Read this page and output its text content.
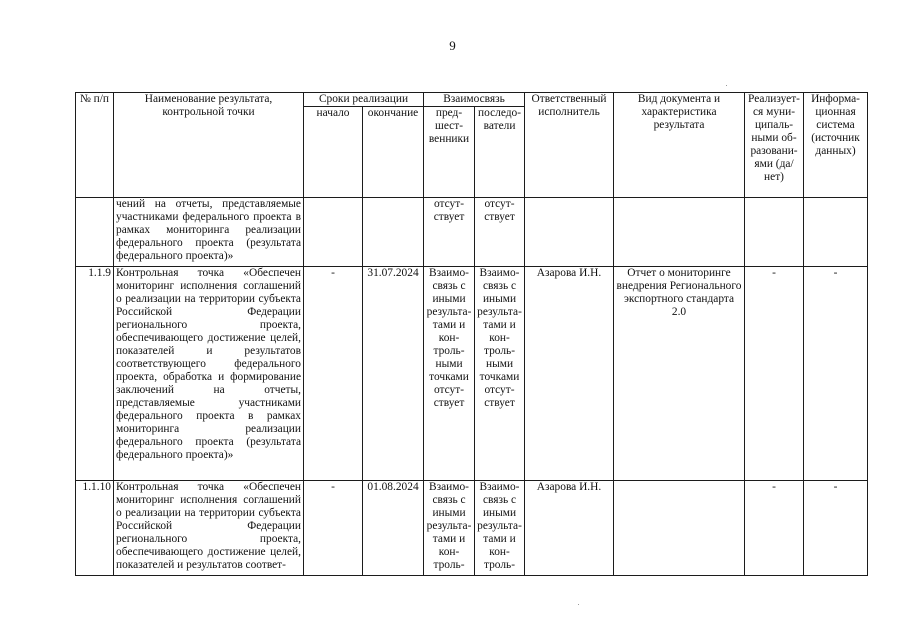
9
№ п/п	Наименование результата, контрольной точки	Сроки реализации		Взаимосвязь		Ответственный исполнитель	Вид документа и характеристика результата	Реализует-ся муни-ципаль-ными об-разовани-ями (да/нет)	Информа-ционная система (источник данных)
		начало	окончание	пред-шест-венники	последо-ватели				
	чений на отчеты, представляемые участниками федерального проекта в рамках мониторинга реализации федерального проекта (результата федерального проекта)»			отсут-ствует	отсут-ствует				
1.1.9	Контрольная точка «Обеспечен мониторинг исполнения соглашений о реализации на территории субъекта Российской Федерации регионального проекта, обеспечивающего достижение целей, показателей и результатов соответствующего федерального проекта, обработка и формирование заключений на отчеты, представляемые участниками федерального проекта в рамках мониторинга реализации федерального проекта (результата федерального проекта)»	-	31.07.2024	Взаимо-связь с иными результа-тами и кон-троль-ными точками отсут-ствует	Взаимо-связь с иными результа-тами и кон-троль-ными точками отсут-ствует	Азарова И.Н.	Отчет о мониторинге внедрения Регионального экспортного стандарта 2.0	-	-
1.1.10	Контрольная точка «Обеспечен мониторинг исполнения соглашений о реализации на территории субъекта Российской Федерации регионального проекта, обеспечивающего достижение целей, показателей и результатов соответ-	-	01.08.2024	Взаимо-связь с иными результа-тами и кон-троль-	Взаимо-связь с иными результа-тами и кон-троль-	Азарова И.Н.		-	-
